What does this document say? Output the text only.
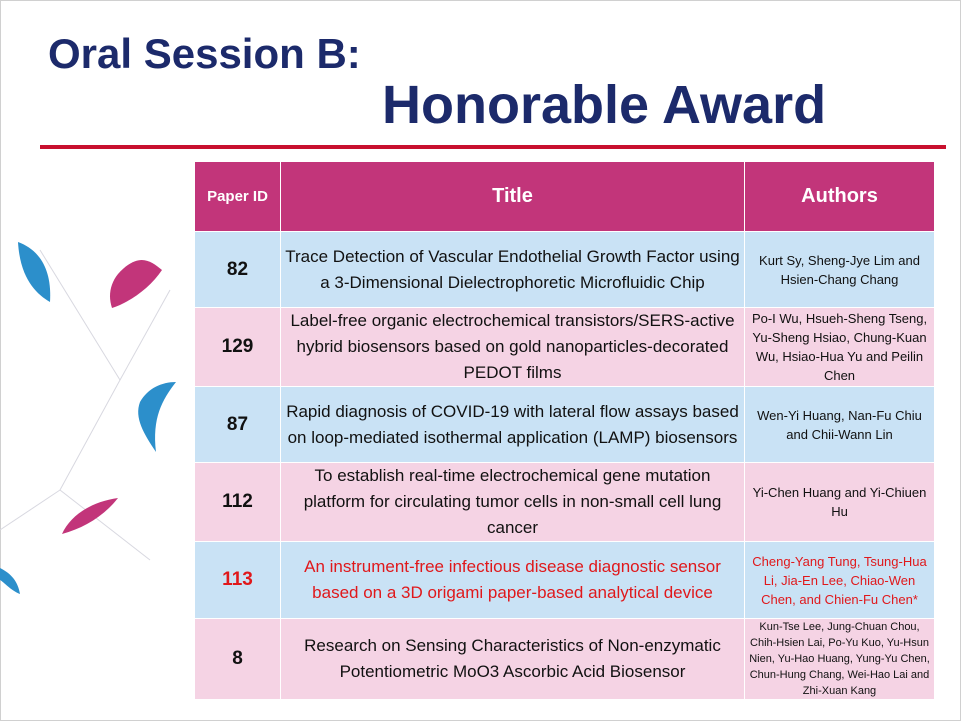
Oral Session B:
Honorable Award
Paper ID	Title	Authors
82	Trace Detection of Vascular Endothelial Growth Factor using a 3-Dimensional Dielectrophoretic Microfluidic Chip	Kurt Sy, Sheng-Jye Lim and Hsien-Chang Chang
129	Label-free organic electrochemical transistors/SERS-active hybrid biosensors based on gold nanoparticles-decorated PEDOT films	Po-I Wu, Hsueh-Sheng Tseng, Yu-Sheng Hsiao, Chung-Kuan Wu, Hsiao-Hua Yu and Peilin Chen
87	Rapid diagnosis of COVID-19 with lateral flow assays based on loop-mediated isothermal application (LAMP) biosensors	Wen-Yi Huang, Nan-Fu Chiu and Chii-Wann Lin
112	To establish real-time electrochemical gene mutation platform for circulating tumor cells in non-small cell lung cancer	Yi-Chen Huang and Yi-Chiuen Hu
113	An instrument-free infectious disease diagnostic sensor based on a 3D origami paper-based analytical device	Cheng-Yang Tung, Tsung-Hua Li, Jia-En Lee, Chiao-Wen Chen, and Chien-Fu Chen*
8	Research on Sensing Characteristics of Non-enzymatic Potentiometric MoO3 Ascorbic Acid Biosensor	Kun-Tse Lee, Jung-Chuan Chou, Chih-Hsien Lai, Po-Yu Kuo, Yu-Hsun Nien, Yu-Hao Huang, Yung-Yu Chen, Chun-Hung Chang, Wei-Hao Lai and Zhi-Xuan Kang
